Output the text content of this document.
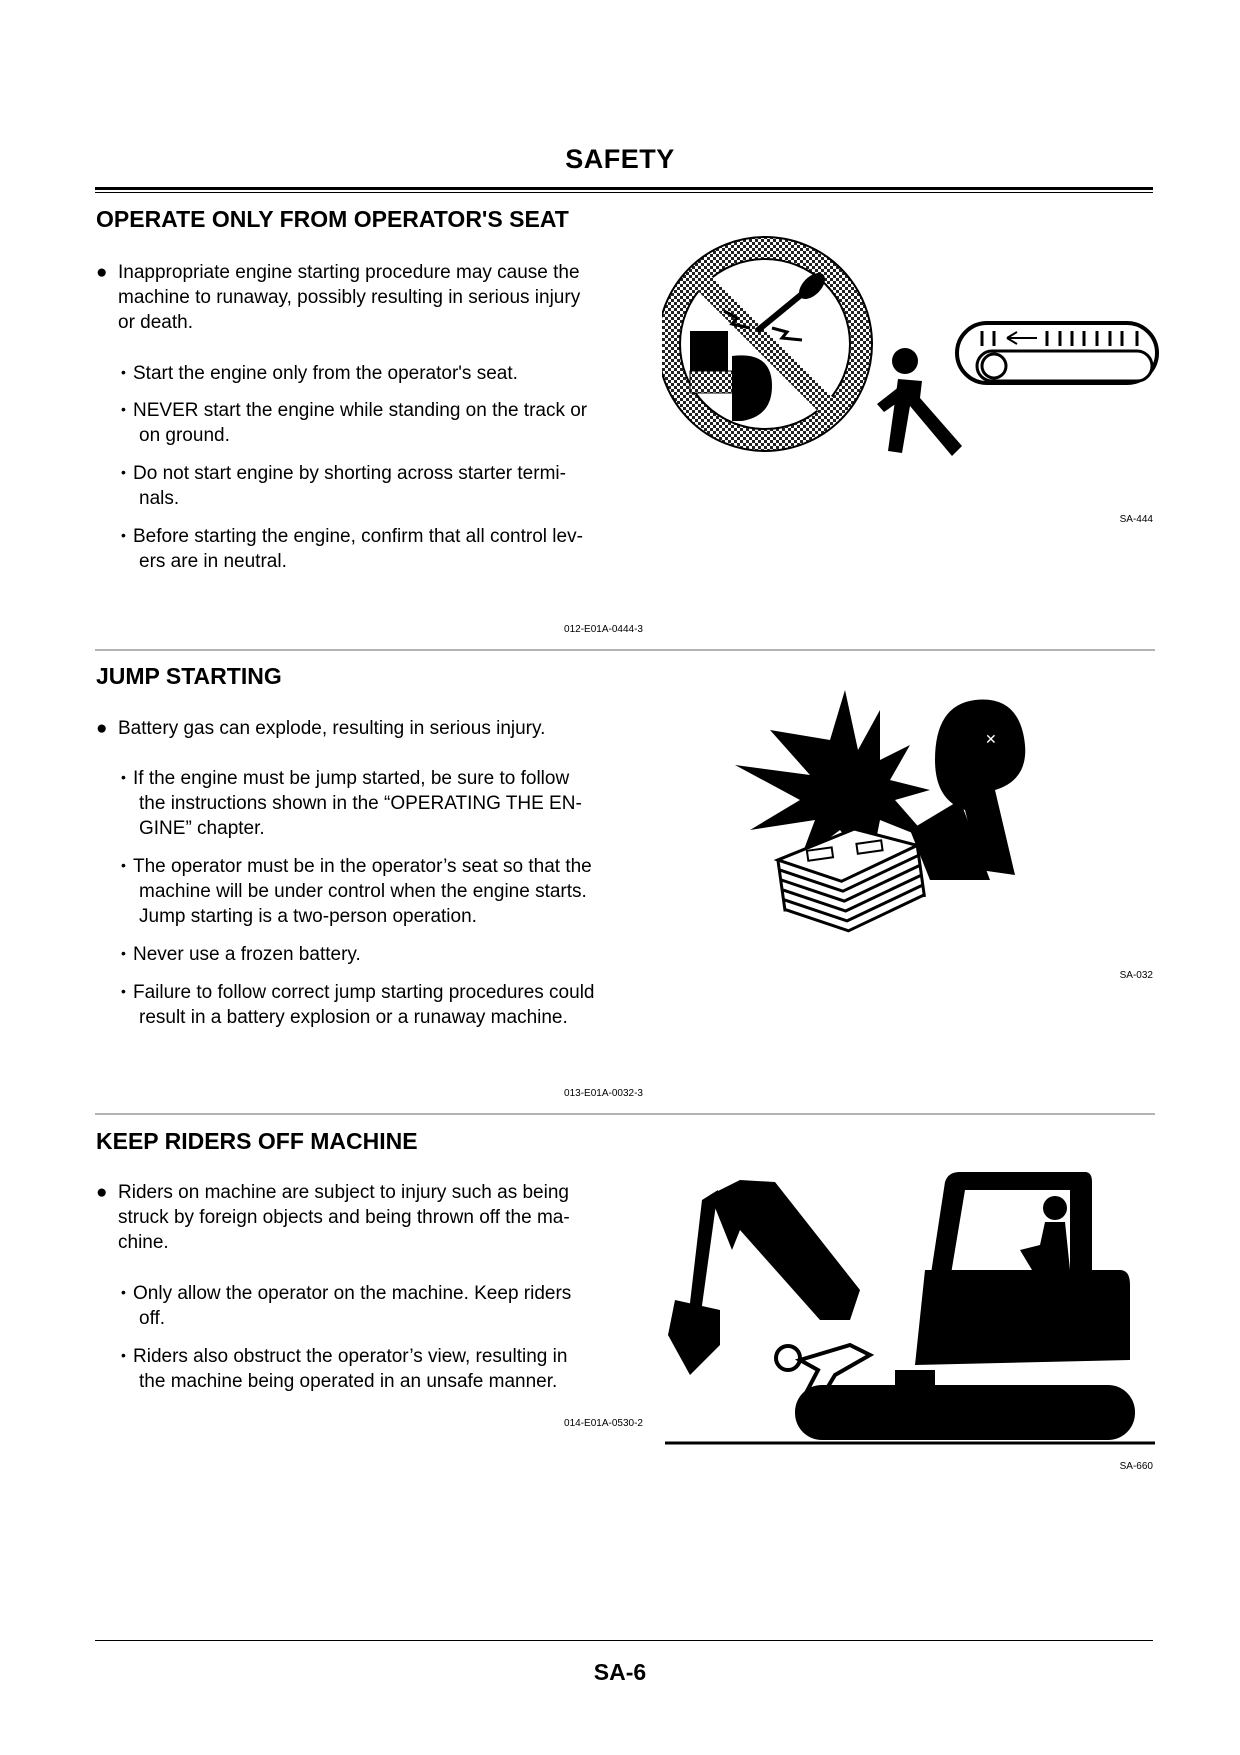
SAFETY
OPERATE ONLY FROM OPERATOR'S SEAT
● Inappropriate engine starting procedure may cause the
machine to runaway, possibly resulting in serious injury
or death.
• Start the engine only from the operator's seat.
• NEVER start the engine while standing on the track or
on ground.
• Do not start engine by shorting across starter termi-
nals.
• Before starting the engine, confirm that all control lev-
ers are in neutral.
012-E01A-0444-3
SA-444
JUMP STARTING
● Battery gas can explode, resulting in serious injury.
• If the engine must be jump started, be sure to follow
the instructions shown in the “OPERATING THE EN-
GINE” chapter.
• The operator must be in the operator’s seat so that the
machine will be under control when the engine starts.
Jump starting is a two-person operation.
• Never use a frozen battery.
• Failure to follow correct jump starting procedures could
result in a battery explosion or a runaway machine.
013-E01A-0032-3
✕
SA-032
KEEP RIDERS OFF MACHINE
● Riders on machine are subject to injury such as being
struck by foreign objects and being thrown off the ma-
chine.
• Only allow the operator on the machine. Keep riders
off.
• Riders also obstruct the operator’s view, resulting in
the machine being operated in an unsafe manner.
014-E01A-0530-2
SA-660
SA-6
